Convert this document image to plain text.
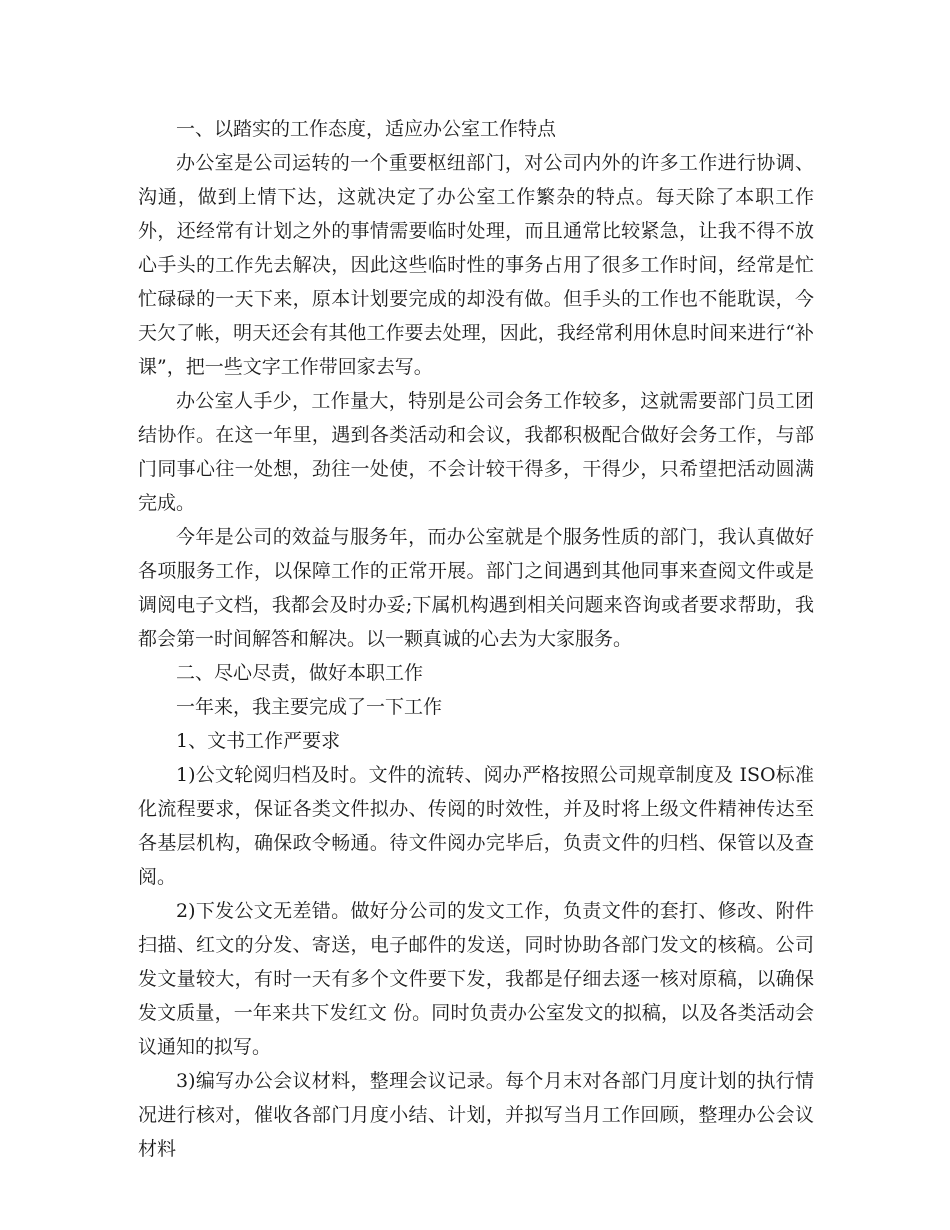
一、以踏实的工作态度，适应办公室工作特点

办公室是公司运转的一个重要枢纽部门，对公司内外的许多工作进行协调、沟通，做到上情下达，这就决定了办公室工作繁杂的特点。每天除了本职工作外，还经常有计划之外的事情需要临时处理，而且通常比较紧急，让我不得不放心手头的工作先去解决，因此这些临时性的事务占用了很多工作时间，经常是忙忙碌碌的一天下来，原本计划要完成的却没有做。但手头的工作也不能耽误，今天欠了帐，明天还会有其他工作要去处理，因此，我经常利用休息时间来进行“补课”，把一些文字工作带回家去写。

办公室人手少，工作量大，特别是公司会务工作较多，这就需要部门员工团结协作。在这一年里，遇到各类活动和会议，我都积极配合做好会务工作，与部门同事心往一处想，劲往一处使，不会计较干得多，干得少，只希望把活动圆满完成。

今年是公司的效益与服务年，而办公室就是个服务性质的部门，我认真做好各项服务工作，以保障工作的正常开展。部门之间遇到其他同事来查阅文件或是调阅电子文档，我都会及时办妥;下属机构遇到相关问题来咨询或者要求帮助，我都会第一时间解答和解决。以一颗真诚的心去为大家服务。

二、尽心尽责，做好本职工作

一年来，我主要完成了一下工作

1、文书工作严要求

1)公文轮阅归档及时。文件的流转、阅办严格按照公司规章制度及 ISO标准化流程要求，保证各类文件拟办、传阅的时效性，并及时将上级文件精神传达至各基层机构，确保政令畅通。待文件阅办完毕后，负责文件的归档、保管以及查阅。

2)下发公文无差错。做好分公司的发文工作，负责文件的套打、修改、附件扫描、红文的分发、寄送，电子邮件的发送，同时协助各部门发文的核稿。公司发文量较大，有时一天有多个文件要下发，我都是仔细去逐一核对原稿，以确保发文质量，一年来共下发红文 份。同时负责办公室发文的拟稿，以及各类活动会议通知的拟写。

3)编写办公会议材料，整理会议记录。每个月末对各部门月度计划的执行情况进行核对，催收各部门月度小结、计划，并拟写当月工作回顾，整理办公会议材料
